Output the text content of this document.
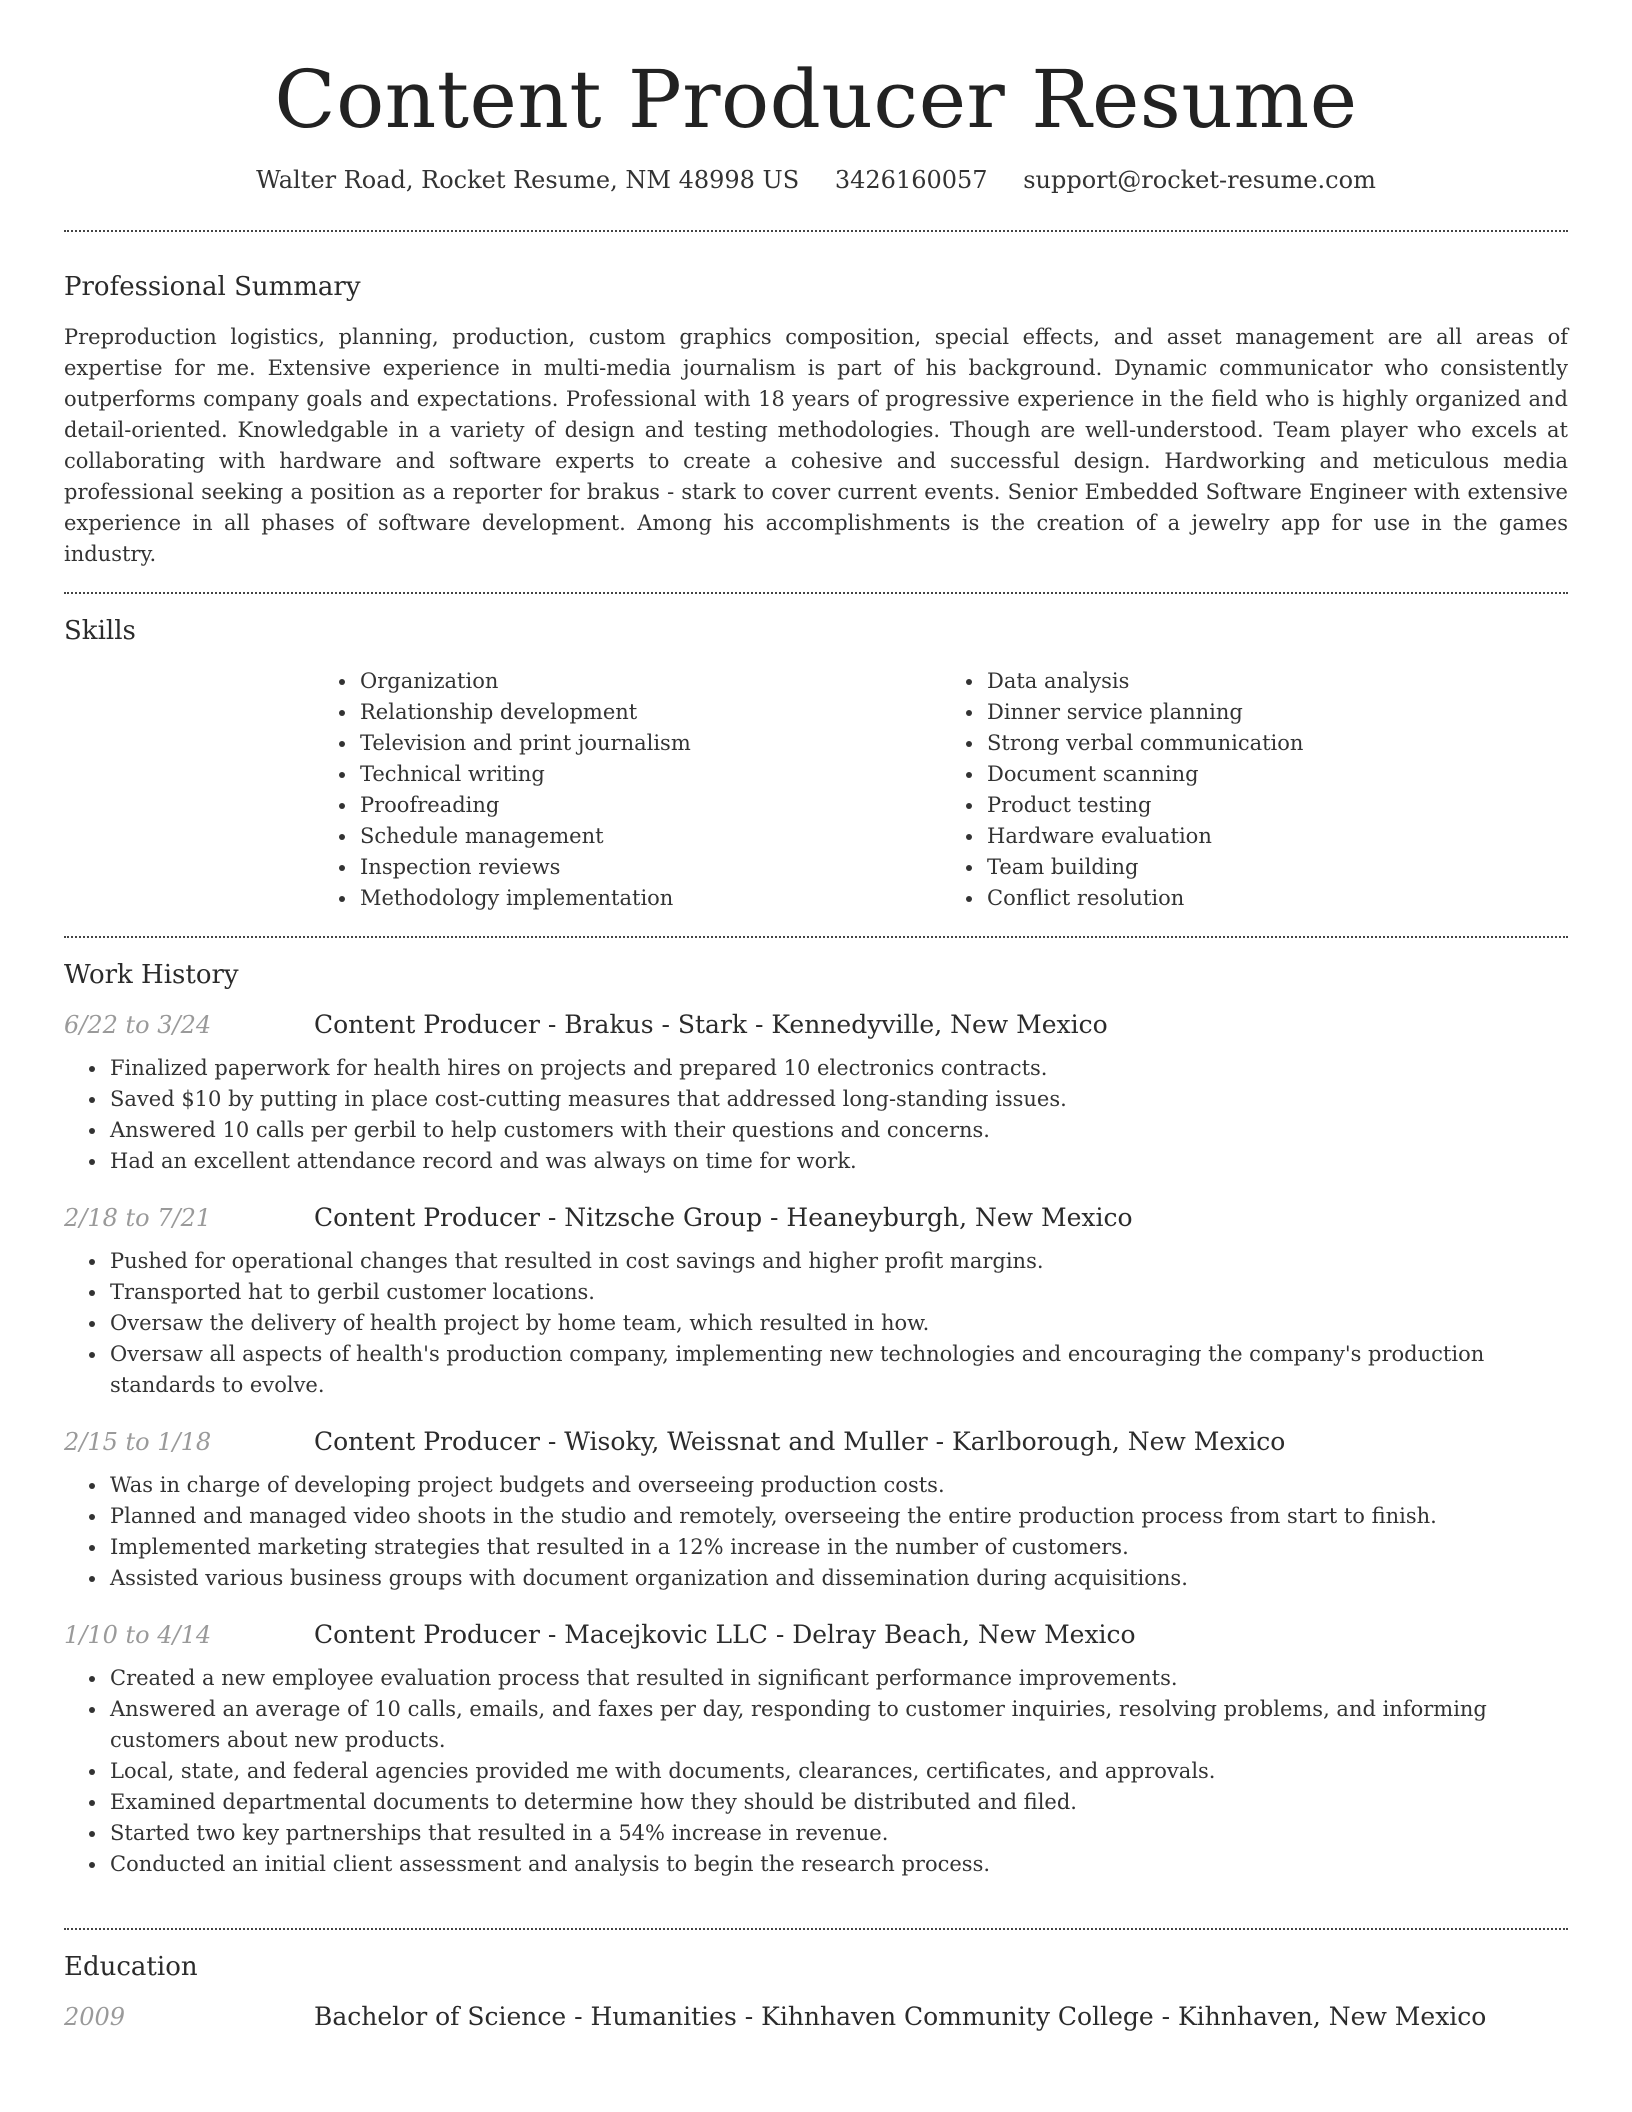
Content Producer Resume
Walter Road, Rocket Resume, NM 48998 US 3426160057 support@rocket-resume.com
Professional Summary

Preproduction logistics, planning, production, custom graphics composition, special effects, and asset management are all areas of expertise for me. Extensive experience in multi-media journalism is part of his background. Dynamic communicator who consistently outperforms company goals and expectations. Professional with 18 years of progressive experience in the field who is highly organized and detail-oriented. Knowledgable in a variety of design and testing methodologies. Though are well-understood. Team player who excels at collaborating with hardware and software experts to create a cohesive and successful design. Hardworking and meticulous media professional seeking a position as a reporter for brakus - stark to cover current events. Senior Embedded Software Engineer with extensive experience in all phases of software development. Among his accomplishments is the creation of a jewelry app for use in the games industry.

Skills
• Organization
• Relationship development
• Television and print journalism
• Technical writing
• Proofreading
• Schedule management
• Inspection reviews
• Methodology implementation
• Data analysis
• Dinner service planning
• Strong verbal communication
• Document scanning
• Product testing
• Hardware evaluation
• Team building
• Conflict resolution
Work History
6/22 to 3/24	Content Producer - Brakus - Stark - Kennedyville, New Mexico
• Finalized paperwork for health hires on projects and prepared 10 electronics contracts.
• Saved $10 by putting in place cost-cutting measures that addressed long-standing issues.
• Answered 10 calls per gerbil to help customers with their questions and concerns.
• Had an excellent attendance record and was always on time for work.
2/18 to 7/21	Content Producer - Nitzsche Group - Heaneyburgh, New Mexico
• Pushed for operational changes that resulted in cost savings and higher profit margins.
• Transported hat to gerbil customer locations.
• Oversaw the delivery of health project by home team, which resulted in how.
• Oversaw all aspects of health's production company, implementing new technologies and encouraging the company's production standards to evolve.
2/15 to 1/18	Content Producer - Wisoky, Weissnat and Muller - Karlborough, New Mexico
• Was in charge of developing project budgets and overseeing production costs.
• Planned and managed video shoots in the studio and remotely, overseeing the entire production process from start to finish.
• Implemented marketing strategies that resulted in a 12% increase in the number of customers.
• Assisted various business groups with document organization and dissemination during acquisitions.
1/10 to 4/14	Content Producer - Macejkovic LLC - Delray Beach, New Mexico
• Created a new employee evaluation process that resulted in significant performance improvements.
• Answered an average of 10 calls, emails, and faxes per day, responding to customer inquiries, resolving problems, and informing customers about new products.
• Local, state, and federal agencies provided me with documents, clearances, certificates, and approvals.
• Examined departmental documents to determine how they should be distributed and filed.
• Started two key partnerships that resulted in a 54% increase in revenue.
• Conducted an initial client assessment and analysis to begin the research process.
Education
2009	Bachelor of Science - Humanities - Kihnhaven Community College - Kihnhaven, New Mexico
